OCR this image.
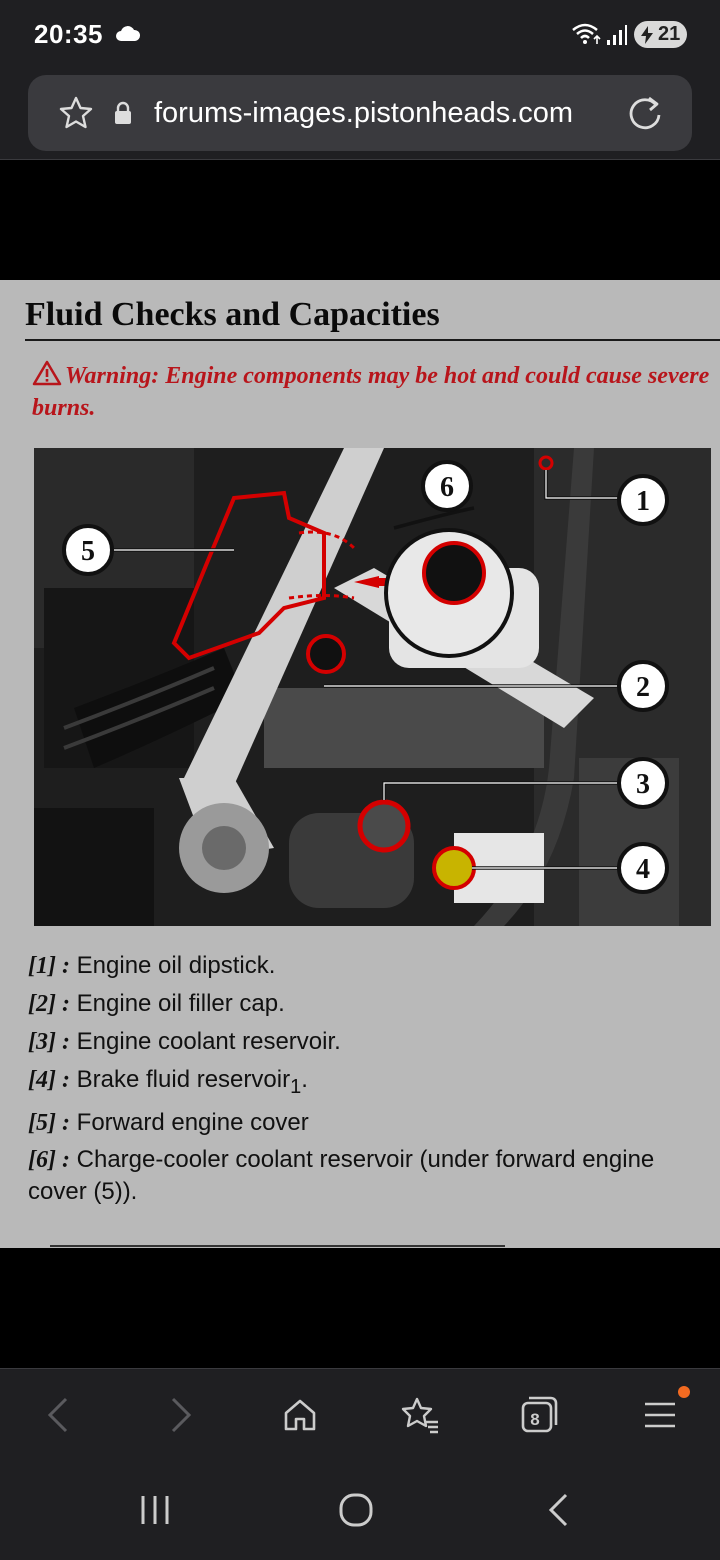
20:35	21
forums-images.pistonheads.com
Fluid Checks and Capacities
Warning: Engine components may be hot and could cause severe burns.
1
2
3
4
5
6
[1] : Engine oil dipstick.
[2] : Engine oil filler cap.
[3] : Engine coolant reservoir.
[4] : Brake fluid reservoir$_1$.
[5] : Forward engine cover
[6] : Charge-cooler coolant reservoir (under forward engine cover (5)).
8
